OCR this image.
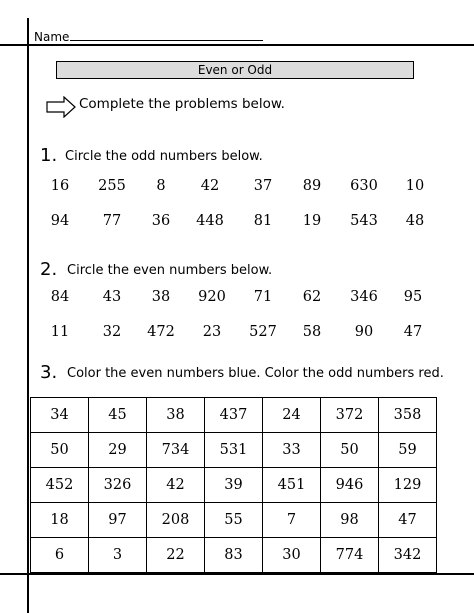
Name
Even or Odd
Complete the problems below.
1. Circle the odd numbers below.
16	255	8	42	37	89	630	10
94	77	36	448	81	19	543	48
2. Circle the even numbers below.
84	43	38	920	71	62	346	95
11	32	472	23	527	58	90	47
3. Color the even numbers blue. Color the odd numbers red.
34	45	38	437	24	372	358
50	29	734	531	33	50	59
452	326	42	39	451	946	129
18	97	208	55	7	98	47
6	3	22	83	30	774	342
